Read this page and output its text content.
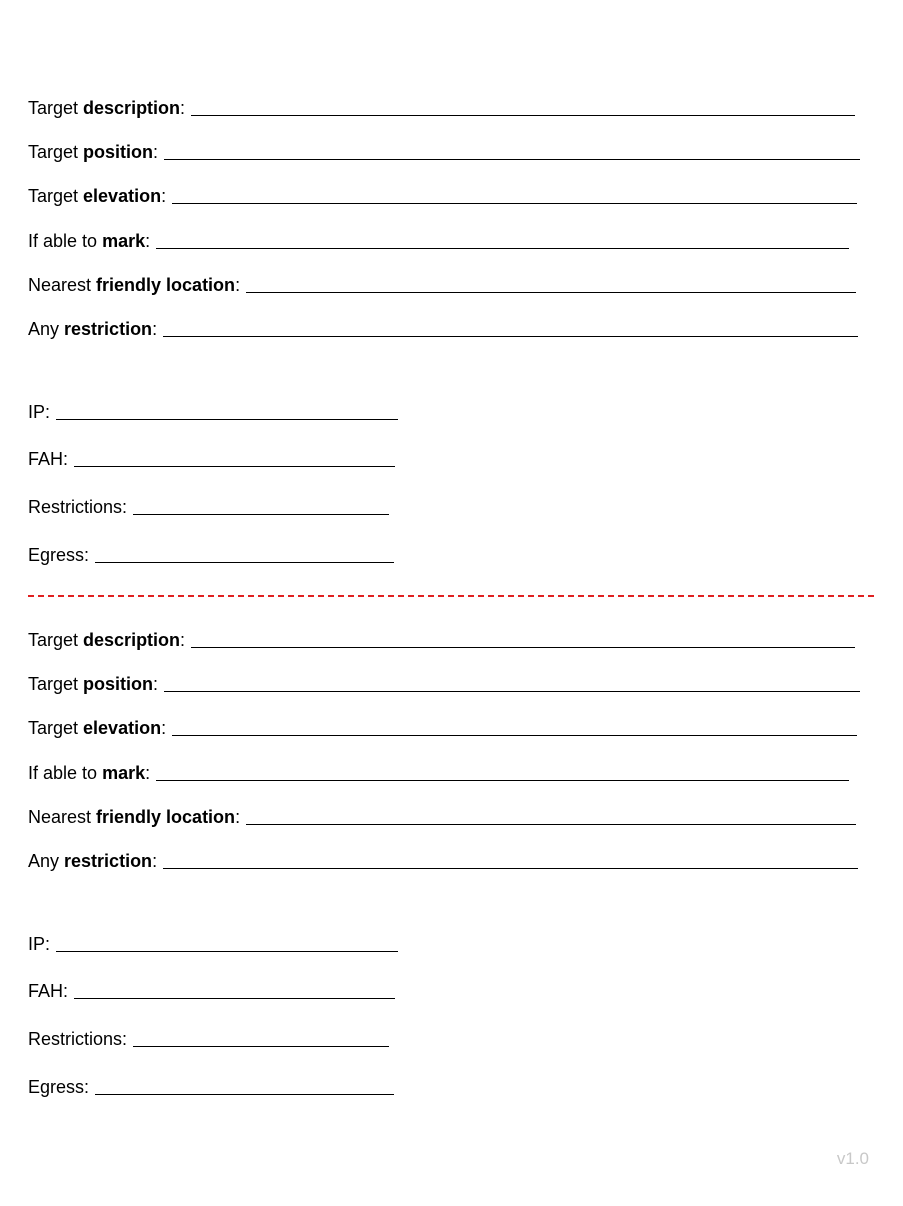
Target description:
Target position:
Target elevation:
If able to mark:
Nearest friendly location:
Any restriction:
IP:
FAH:
Restrictions:
Egress:
Target description:
Target position:
Target elevation:
If able to mark:
Nearest friendly location:
Any restriction:
IP:
FAH:
Restrictions:
Egress:
v1.0
